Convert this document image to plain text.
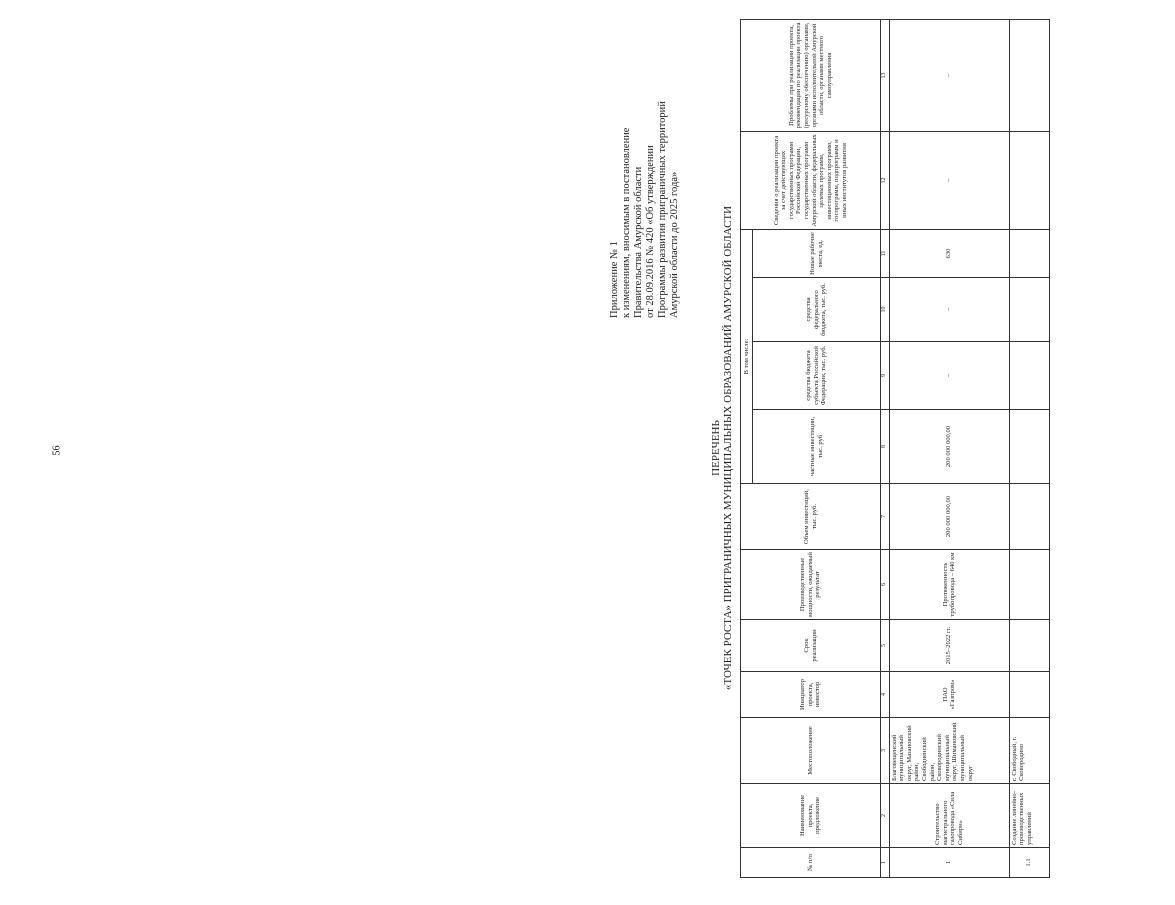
56
Приложение № 1 к изменениям, вносимым в постановление Правительства Амурской области от 28.09.2016 № 420 «Об утверждении Программы развития приграничных территорий Амурской области до 2025 года»
ПЕРЕЧЕНЬ «ТОЧЕК РОСТА» ПРИГРАНИЧНЫХ МУНИЦИПАЛЬНЫХ ОБРАЗОВАНИЙ АМУРСКОЙ ОБЛАСТИ
№ п/п	Наименование проекта, предложение	Местоположение	Инициатор проекта, инвестор	Срок реализации	Производственные мощности, ожидаемый результат	Объем инвестиций, тыс. руб.	В том числе:				Сведения о реализации проекта за счет действующих государственных программ Российской Федерации, государственных программ Амурской области, федеральных целевых программ, инвестиционных программ, госпрограмм, подпрограмм и иных институтов развития	Проблемы при реализации проекта, рекомендации по реализации проекта (ресурсному обеспечению) органами, органами исполнительной Амурской области, органами местного самоуправления
							частные инвестиции, тыс. руб	средства бюджета субъекта Российской Федерации, тыс. руб.	средства федерального бюджета, тыс. руб.	Новые рабочие места, ед.		
1	2	3	4	5	6	7	8	9	10	11	12	13
1	Строительство магистрального газопровода «Сила Сибири»	Благовещенский муниципальный округ, Мазановский район, Свободненский район, Сковородинский муниципальный округ, Шимановский муниципальный округ	ПАО «Газпром»	2015–2022 гг.	Протяженность трубопровода – 640 км	200 000 000,00	200 000 000,00	–	–	630	–	–
1.1	Создание линейно-производственных управлений	г. Свободный, г. Сковородино										
